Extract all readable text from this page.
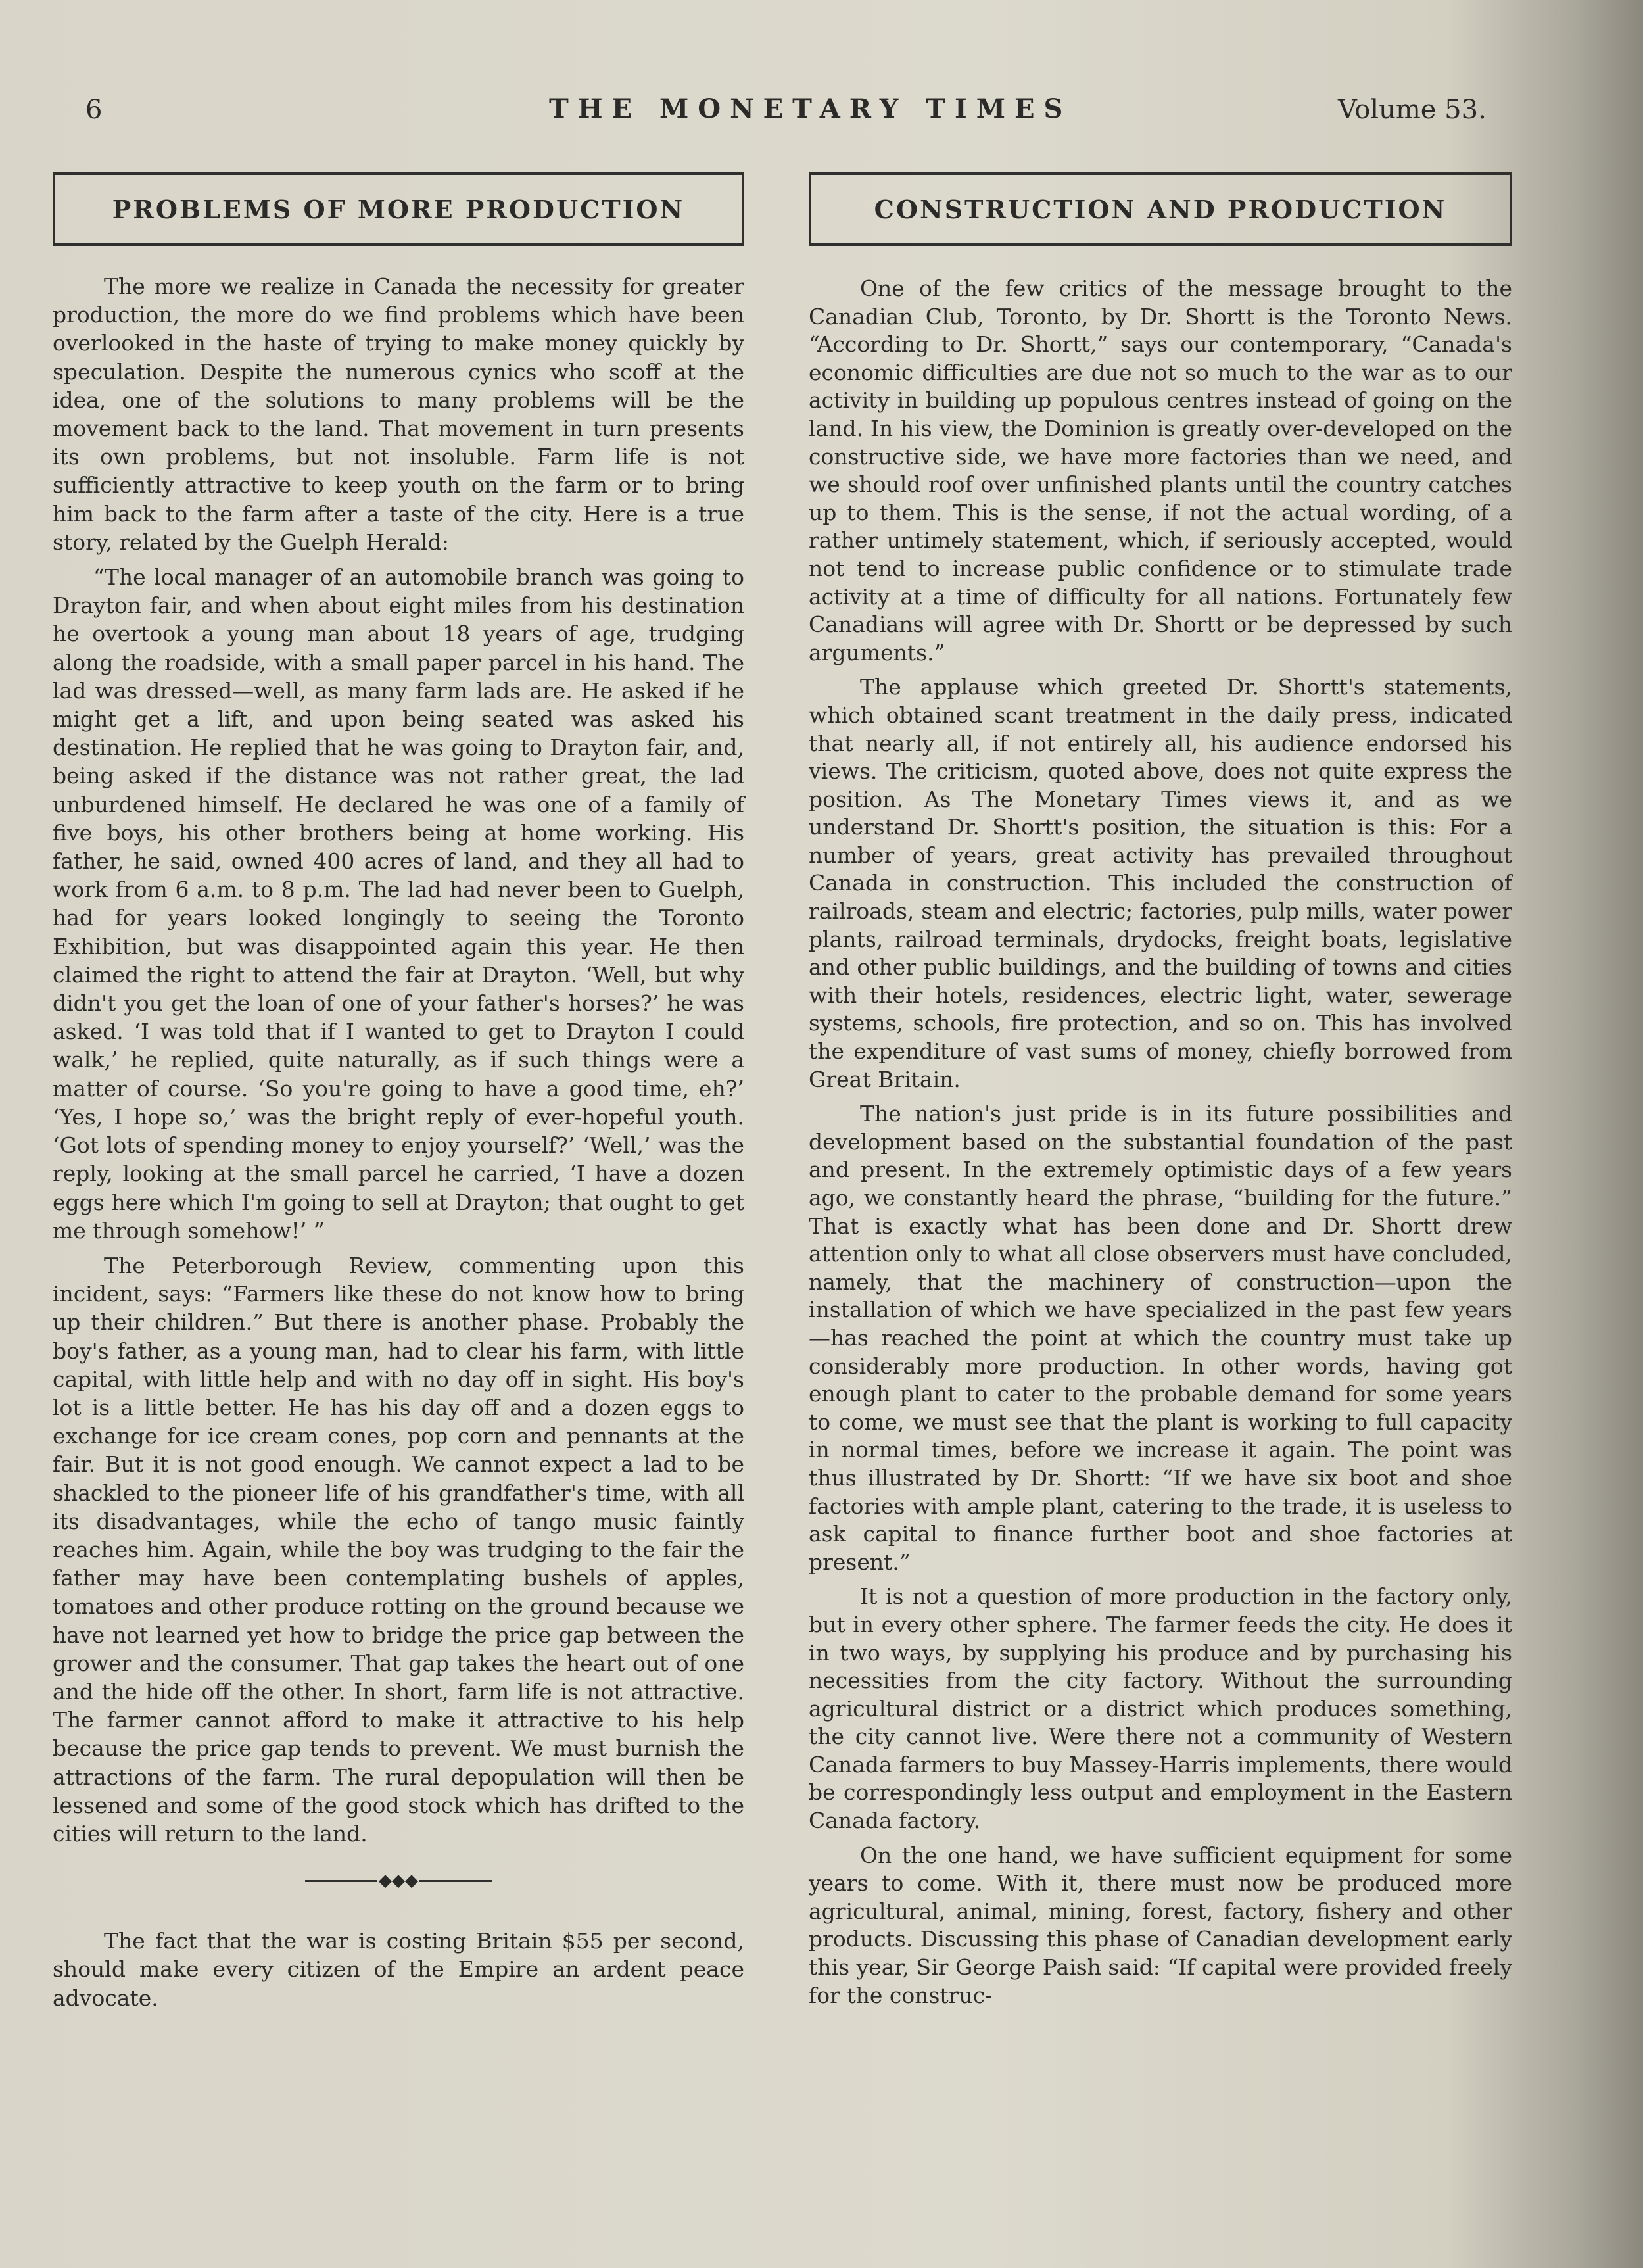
6	THE MONETARY TIMES	Volume 53.
PROBLEMS OF MORE PRODUCTION

The more we realize in Canada the necessity for greater production, the more do we find problems which have been overlooked in the haste of trying to make money quickly by speculation. Despite the numerous cynics who scoff at the idea, one of the solutions to many problems will be the movement back to the land. That movement in turn presents its own problems, but not insoluble. Farm life is not sufficiently attractive to keep youth on the farm or to bring him back to the farm after a taste of the city. Here is a true story, related by the Guelph Herald:

“The local manager of an automobile branch was going to Drayton fair, and when about eight miles from his destination he overtook a young man about 18 years of age, trudging along the roadside, with a small paper parcel in his hand. The lad was dressed—well, as many farm lads are. He asked if he might get a lift, and upon being seated was asked his destination. He replied that he was going to Drayton fair, and, being asked if the distance was not rather great, the lad unburdened himself. He declared he was one of a family of five boys, his other brothers being at home working. His father, he said, owned 400 acres of land, and they all had to work from 6 a.m. to 8 p.m. The lad had never been to Guelph, had for years looked longingly to seeing the Toronto Exhibition, but was disappointed again this year. He then claimed the right to attend the fair at Drayton. ‘Well, but why didn't you get the loan of one of your father's horses?’ he was asked. ‘I was told that if I wanted to get to Drayton I could walk,’ he replied, quite naturally, as if such things were a matter of course. ‘So you're going to have a good time, eh?’ ‘Yes, I hope so,’ was the bright reply of ever-hopeful youth. ‘Got lots of spending money to enjoy yourself?’ ‘Well,’ was the reply, looking at the small parcel he carried, ‘I have a dozen eggs here which I'm going to sell at Drayton; that ought to get me through somehow!’ ”

The Peterborough Review, commenting upon this incident, says: “Farmers like these do not know how to bring up their children.” But there is another phase. Probably the boy's father, as a young man, had to clear his farm, with little capital, with little help and with no day off in sight. His boy's lot is a little better. He has his day off and a dozen eggs to exchange for ice cream cones, pop corn and pennants at the fair. But it is not good enough. We cannot expect a lad to be shackled to the pioneer life of his grandfather's time, with all its disadvantages, while the echo of tango music faintly reaches him. Again, while the boy was trudging to the fair the father may have been contemplating bushels of apples, tomatoes and other produce rotting on the ground because we have not learned yet how to bridge the price gap between the grower and the consumer. That gap takes the heart out of one and the hide off the other. In short, farm life is not attractive. The farmer cannot afford to make it attractive to his help because the price gap tends to prevent. We must burnish the attractions of the farm. The rural depopulation will then be lessened and some of the good stock which has drifted to the cities will return to the land.

◆◆◆

The fact that the war is costing Britain $55 per second, should make every citizen of the Empire an ardent peace advocate.

CONSTRUCTION AND PRODUCTION

One of the few critics of the message brought to the Canadian Club, Toronto, by Dr. Shortt is the Toronto News. “According to Dr. Shortt,” says our contemporary, “Canada's economic difficulties are due not so much to the war as to our activity in building up populous centres instead of going on the land. In his view, the Dominion is greatly over-developed on the constructive side, we have more factories than we need, and we should roof over unfinished plants until the country catches up to them. This is the sense, if not the actual wording, of a rather untimely statement, which, if seriously accepted, would not tend to increase public confidence or to stimulate trade activity at a time of difficulty for all nations. Fortunately few Canadians will agree with Dr. Shortt or be depressed by such arguments.”

The applause which greeted Dr. Shortt's statements, which obtained scant treatment in the daily press, indicated that nearly all, if not entirely all, his audience endorsed his views. The criticism, quoted above, does not quite express the position. As The Monetary Times views it, and as we understand Dr. Shortt's position, the situation is this: For a number of years, great activity has prevailed throughout Canada in construction. This included the construction of railroads, steam and electric; factories, pulp mills, water power plants, railroad terminals, drydocks, freight boats, legislative and other public buildings, and the building of towns and cities with their hotels, residences, electric light, water, sewerage systems, schools, fire protection, and so on. This has involved the expenditure of vast sums of money, chiefly borrowed from Great Britain.

The nation's just pride is in its future possibilities and development based on the substantial foundation of the past and present. In the extremely optimistic days of a few years ago, we constantly heard the phrase, “building for the future.” That is exactly what has been done and Dr. Shortt drew attention only to what all close observers must have concluded, namely, that the machinery of construction—upon the installation of which we have specialized in the past few years—has reached the point at which the country must take up considerably more production. In other words, having got enough plant to cater to the probable demand for some years to come, we must see that the plant is working to full capacity in normal times, before we increase it again. The point was thus illustrated by Dr. Shortt: “If we have six boot and shoe factories with ample plant, catering to the trade, it is useless to ask capital to finance further boot and shoe factories at present.”

It is not a question of more production in the factory only, but in every other sphere. The farmer feeds the city. He does it in two ways, by supplying his produce and by purchasing his necessities from the city factory. Without the surrounding agricultural district or a district which produces something, the city cannot live. Were there not a community of Western Canada farmers to buy Massey-Harris implements, there would be correspondingly less output and employment in the Eastern Canada factory.

On the one hand, we have sufficient equipment for some years to come. With it, there must now be produced more agricultural, animal, mining, forest, factory, fishery and other products. Discussing this phase of Canadian development early this year, Sir George Paish said: “If capital were provided freely for the construc-
